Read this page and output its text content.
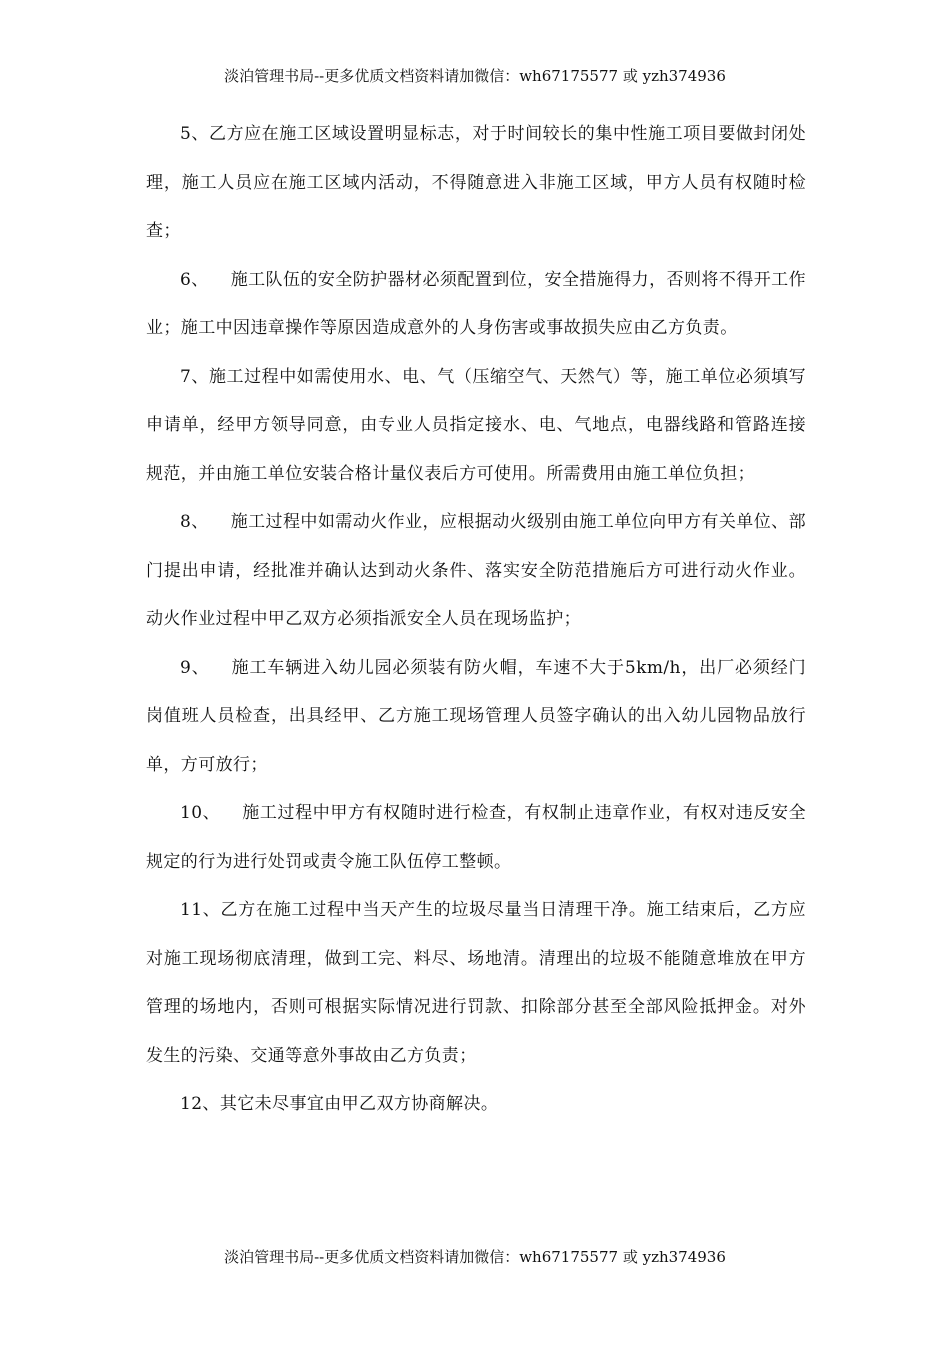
淡泊管理书局--更多优质文档资料请加微信：wh67175577 或 yzh374936

5、乙方应在施工区域设置明显标志，对于时间较长的集中性施工项目要做封闭处理，施工人员应在施工区域内活动，不得随意进入非施工区域，甲方人员有权随时检查；

6、 施工队伍的安全防护器材必须配置到位，安全措施得力，否则将不得开工作业；施工中因违章操作等原因造成意外的人身伤害或事故损失应由乙方负责。

7、施工过程中如需使用水、电、气（压缩空气、天然气）等，施工单位必须填写申请单，经甲方领导同意，由专业人员指定接水、电、气地点，电器线路和管路连接规范，并由施工单位安装合格计量仪表后方可使用。所需费用由施工单位负担；

8、 施工过程中如需动火作业，应根据动火级别由施工单位向甲方有关单位、部门提出申请，经批准并确认达到动火条件、落实安全防范措施后方可进行动火作业。动火作业过程中甲乙双方必须指派安全人员在现场监护；

9、 施工车辆进入幼儿园必须装有防火帽，车速不大于5km/h，出厂必须经门岗值班人员检查，出具经甲、乙方施工现场管理人员签字确认的出入幼儿园物品放行单，方可放行；

10、 施工过程中甲方有权随时进行检查，有权制止违章作业，有权对违反安全规定的行为进行处罚或责令施工队伍停工整顿。

11、乙方在施工过程中当天产生的垃圾尽量当日清理干净。施工结束后，乙方应对施工现场彻底清理，做到工完、料尽、场地清。清理出的垃圾不能随意堆放在甲方管理的场地内，否则可根据实际情况进行罚款、扣除部分甚至全部风险抵押金。对外发生的污染、交通等意外事故由乙方负责；

12、其它未尽事宜由甲乙双方协商解决。

淡泊管理书局--更多优质文档资料请加微信：wh67175577 或 yzh374936
